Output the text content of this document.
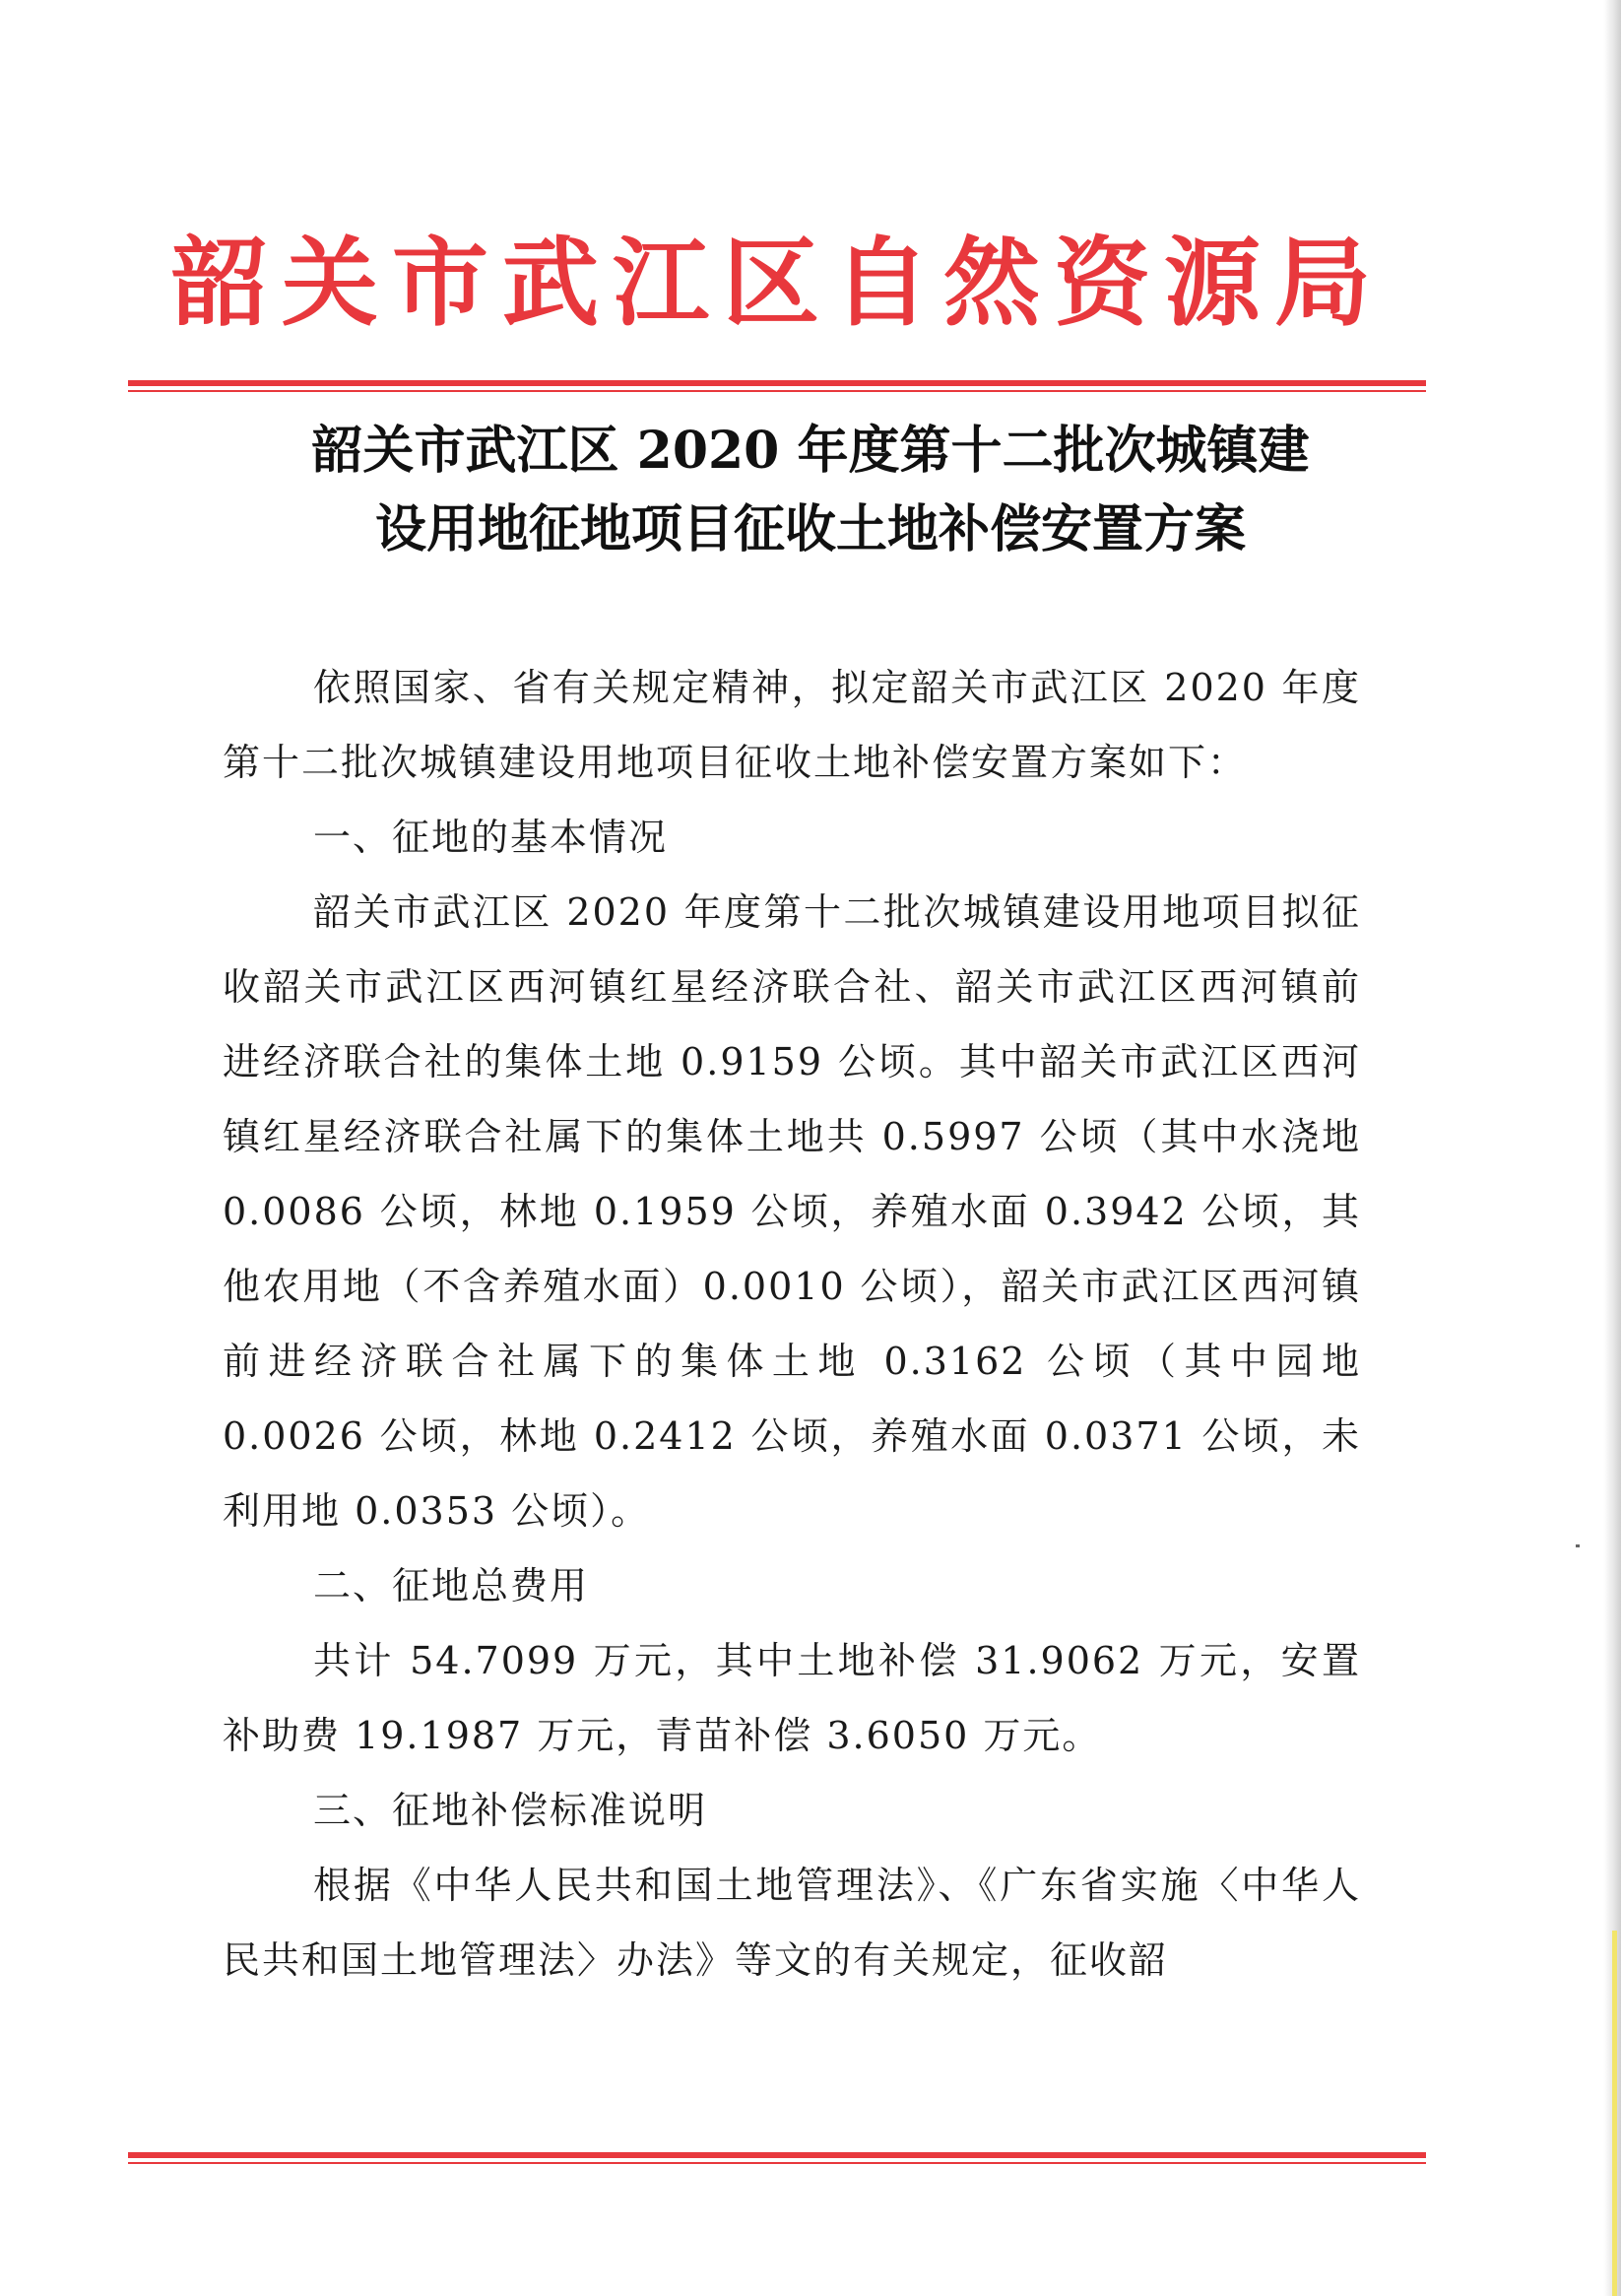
韶关市武江区自然资源局
韶关市武江区 2020 年度第十二批次城镇建
设用地征地项目征收土地补偿安置方案

依照国家、省有关规定精神，拟定韶关市武江区 2020 年度第十二批次城镇建设用地项目征收土地补偿安置方案如下：

一、征地的基本情况

韶关市武江区 2020 年度第十二批次城镇建设用地项目拟征收韶关市武江区西河镇红星经济联合社、韶关市武江区西河镇前进经济联合社的集体土地 0.9159 公顷。其中韶关市武江区西河镇红星经济联合社属下的集体土地共 0.5997 公顷（其中水浇地 0.0086 公顷，林地 0.1959 公顷，养殖水面 0.3942 公顷，其他农用地（不含养殖水面）0.0010 公顷），韶关市武江区西河镇前进经济联合社属下的集体土地 0.3162 公顷（其中园地 0.0026 公顷，林地 0.2412 公顷，养殖水面 0.0371 公顷，未利用地 0.0353 公顷）。

二、征地总费用

共计 54.7099 万元，其中土地补偿 31.9062 万元，安置补助费 19.1987 万元，青苗补偿 3.6050 万元。

三、征地补偿标准说明

根据《中华人民共和国土地管理法》、《广东省实施〈中华人民共和国土地管理法〉办法》等文的有关规定，征收韶
